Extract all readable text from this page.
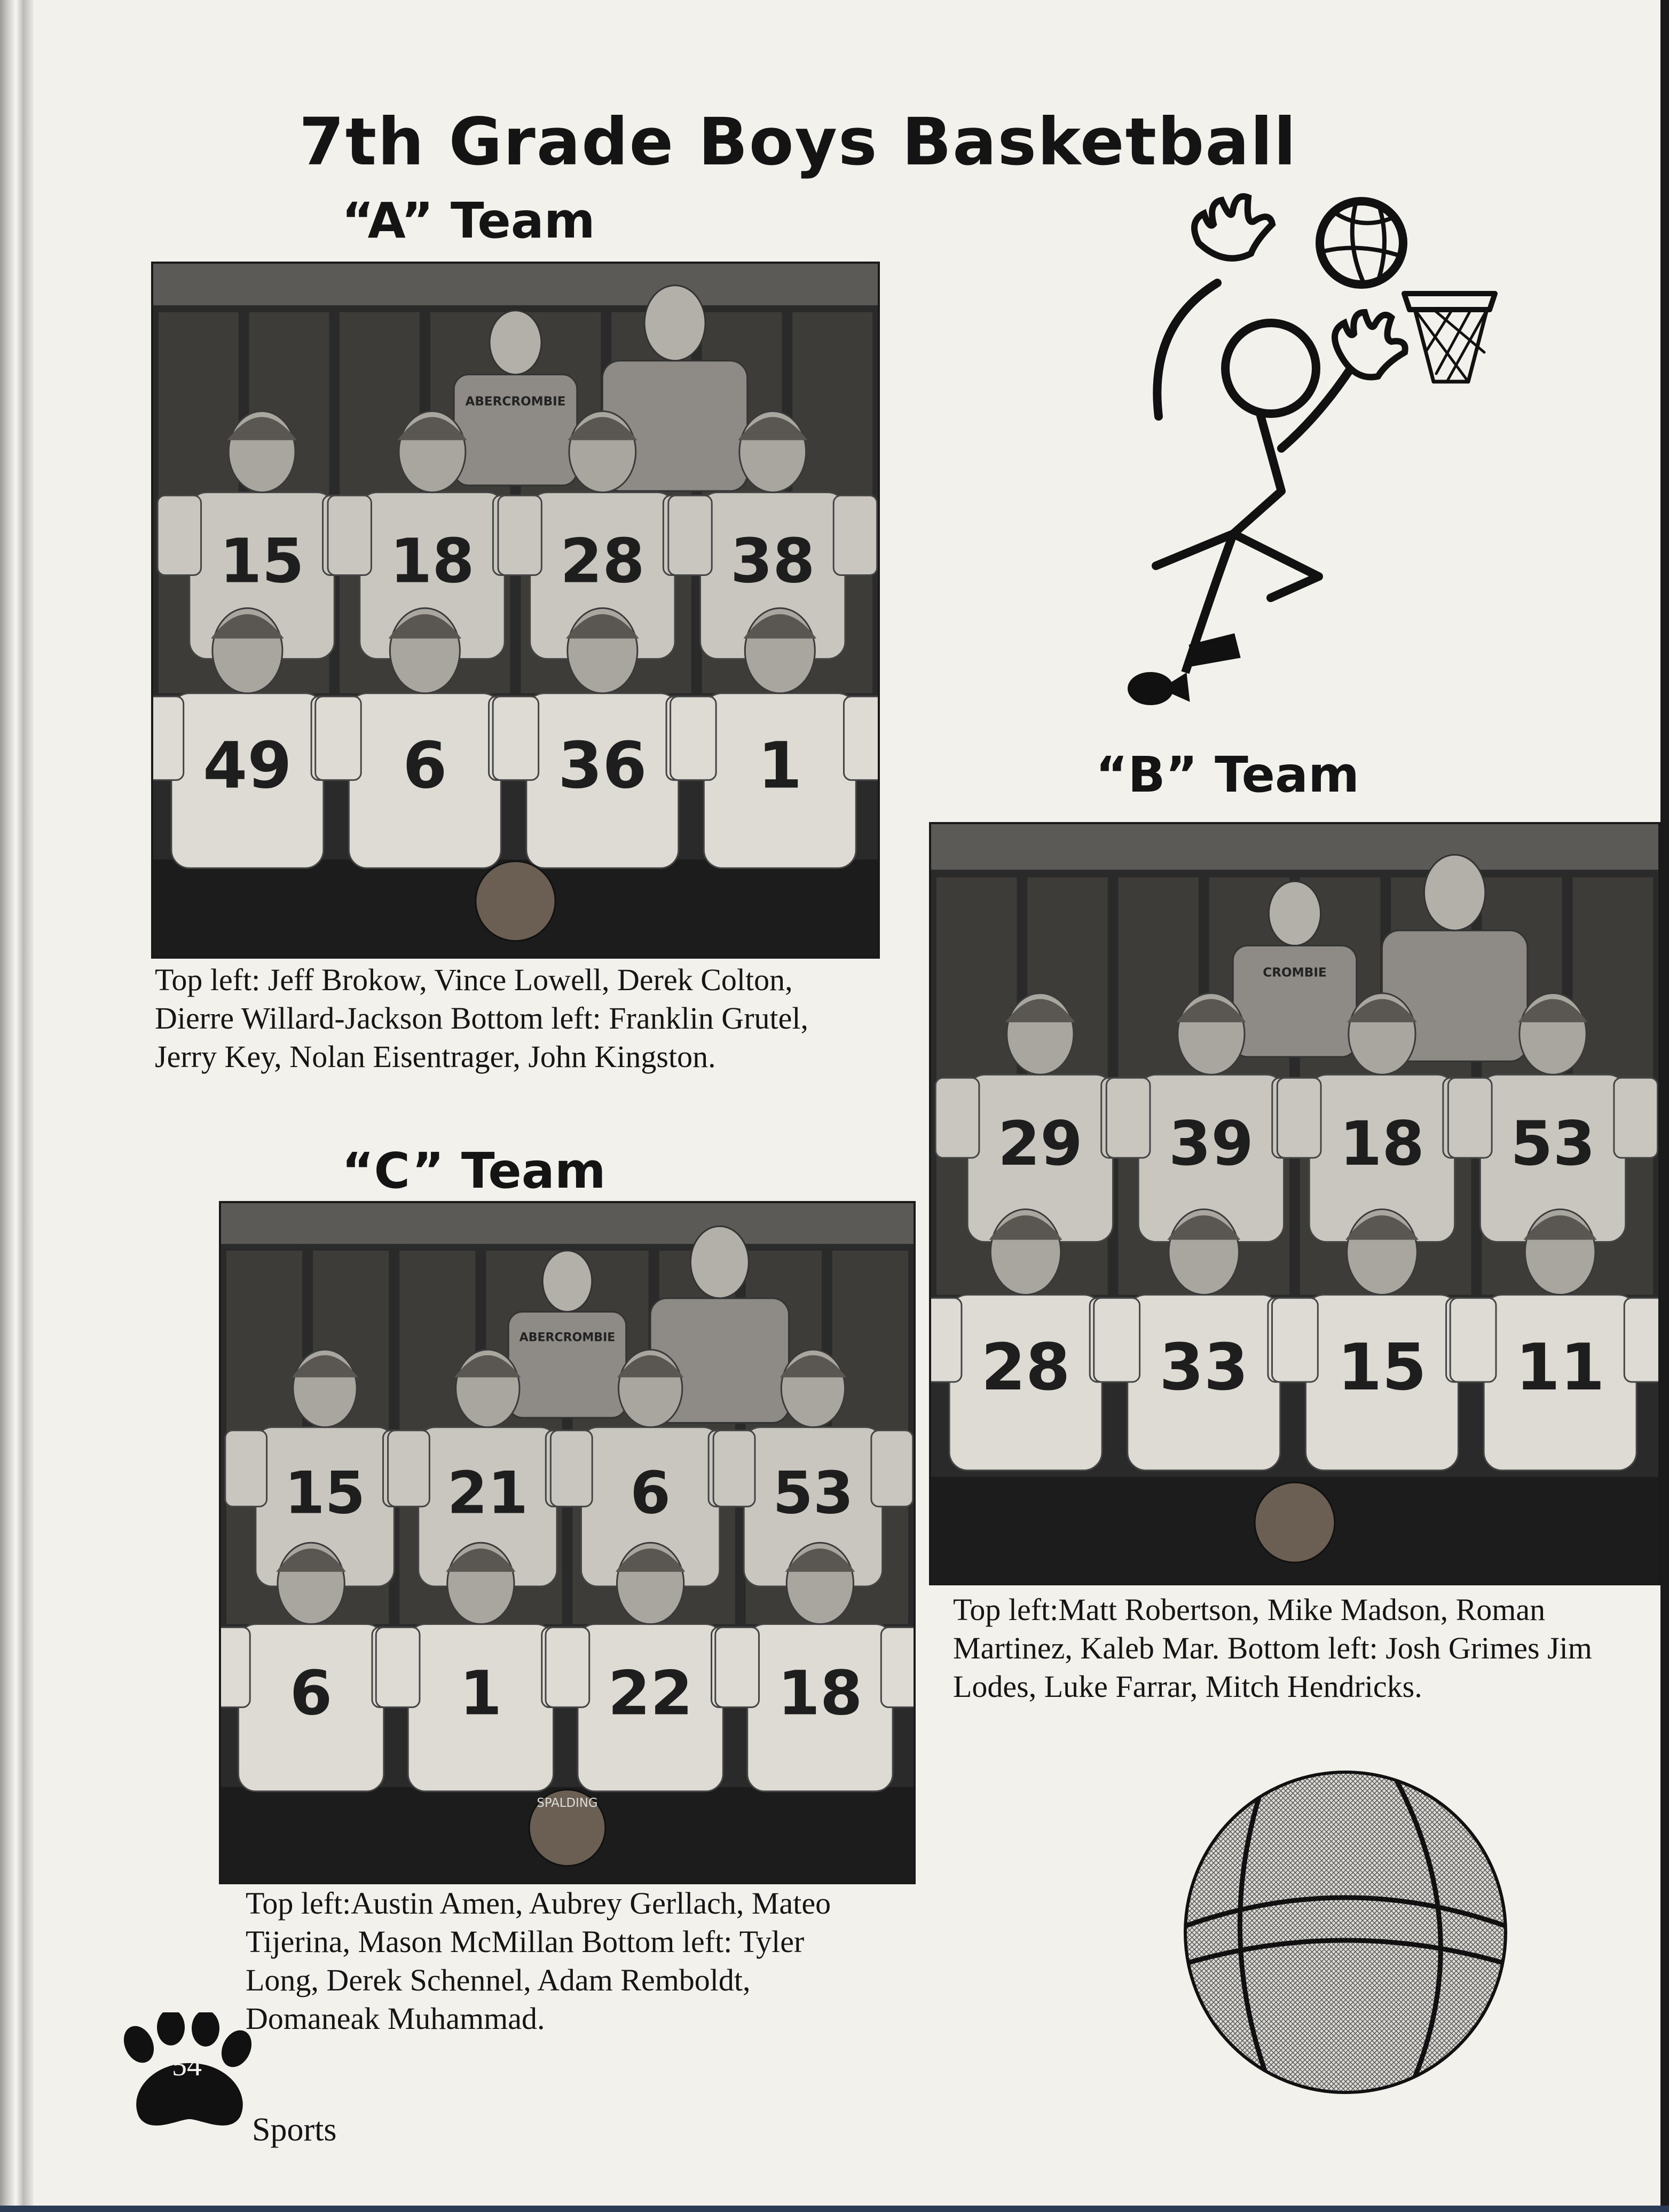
7th Grade Boys Basketball
“A” Team
ABERCROMBIE
15 18 28 38
49 6 36 1
Top left: Jeff Brokow, Vince Lowell, Derek Colton, Dierre Willard-Jackson Bottom left: Franklin Grutel, Jerry Key, Nolan Eisentrager, John Kingston.
“B” Team
CROMBIE
29 39 18 53
28 33 15 11
Top left:Matt Robertson, Mike Madson, Roman Martinez, Kaleb Mar. Bottom left: Josh Grimes Jim Lodes, Luke Farrar, Mitch Hendricks.
“C” Team
ABERCROMBIE
15 21 6 53
6 1 22 18
SPALDING
Top left:Austin Amen, Aubrey Gerllach, Mateo Tijerina, Mason McMillan Bottom left: Tyler Long, Derek Schennel, Adam Remboldt, Domaneak Muhammad.
54
Sports
